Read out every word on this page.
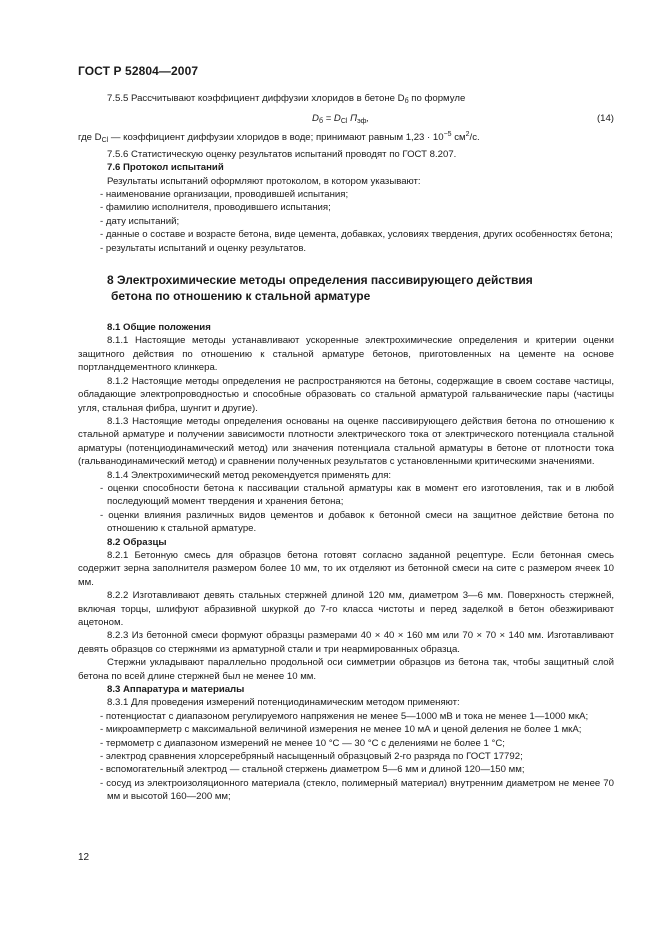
ГОСТ Р 52804—2007

7.5.5 Рассчитывают коэффициент диффузии хлоридов в бетоне $D_б$ по формуле

$D_б = D_{Cl}$ $П_{эф}$,	(14)

где $D_{Cl}$ — коэффициент диффузии хлоридов в воде; принимают равным $1,23 \cdot 10^{-5}$ $см^2/c$.

7.5.6 Статистическую оценку результатов испытаний проводят по ГОСТ 8.207.

7.6 Протокол испытаний

Результаты испытаний оформляют протоколом, в котором указывают:

- наименование организации, проводившей испытания;

- фамилию исполнителя, проводившего испытания;

- дату испытаний;

- данные о составе и возрасте бетона, виде цемента, добавках, условиях твердения, других особенностях бетона;

- результаты испытаний и оценку результатов.

8 Электрохимические методы определения пассивирующего действия
бетона по отношению к стальной арматуре

8.1 Общие положения

8.1.1 Настоящие методы устанавливают ускоренные электрохимические определения и критерии оценки защитного действия по отношению к стальной арматуре бетонов, приготовленных на цементе на основе портландцементного клинкера.

8.1.2 Настоящие методы определения не распространяются на бетоны, содержащие в своем составе частицы, обладающие электропроводностью и способные образовать со стальной арматурой гальванические пары (частицы угля, стальная фибра, шунгит и другие).

8.1.3 Настоящие методы определения основаны на оценке пассивирующего действия бетона по отношению к стальной арматуре и получении зависимости плотности электрического тока от электрического потенциала стальной арматуры (потенциодинамический метод) или значения потенциала стальной арматуры в бетоне от плотности тока (гальванодинамический метод) и сравнении полученных результатов с установленными критическими значениями.

8.1.4 Электрохимический метод рекомендуется применять для:

- оценки способности бетона к пассивации стальной арматуры как в момент его изготовления, так и в любой последующий момент твердения и хранения бетона;

- оценки влияния различных видов цементов и добавок к бетонной смеси на защитное действие бетона по отношению к стальной арматуре.

8.2 Образцы

8.2.1 Бетонную смесь для образцов бетона готовят согласно заданной рецептуре. Если бетонная смесь содержит зерна заполнителя размером более 10 мм, то их отделяют из бетонной смеси на сите с размером ячеек 10 мм.

8.2.2 Изготавливают девять стальных стержней длиной 120 мм, диаметром 3—6 мм. Поверхность стержней, включая торцы, шлифуют абразивной шкуркой до 7-го класса чистоты и перед заделкой в бетон обезжиривают ацетоном.

8.2.3 Из бетонной смеси формуют образцы размерами 40 × 40 × 160 мм или 70 × 70 × 140 мм. Изготавливают девять образцов со стержнями из арматурной стали и три неармированных образца.

Стержни укладывают параллельно продольной оси симметрии образцов из бетона так, чтобы защитный слой бетона по всей длине стержней был не менее 10 мм.

8.3 Аппаратура и материалы

8.3.1 Для проведения измерений потенциодинамическим методом применяют:

- потенциостат с диапазоном регулируемого напряжения не менее 5—1000 мВ и тока не менее 1—1000 мкА;

- микроамперметр с максимальной величиной измерения не менее 10 мА и ценой деления не более 1 мкА;

- термометр с диапазоном измерений не менее 10 °С — 30 °С с делениями не более 1 °С;

- электрод сравнения хлорсеребряный насыщенный образцовый 2-го разряда по ГОСТ 17792;

- вспомогательный электрод — стальной стержень диаметром 5—6 мм и длиной 120—150 мм;

- сосуд из электроизоляционного материала (стекло, полимерный материал) внутренним диаметром не менее 70 мм и высотой 160—200 мм;

12
